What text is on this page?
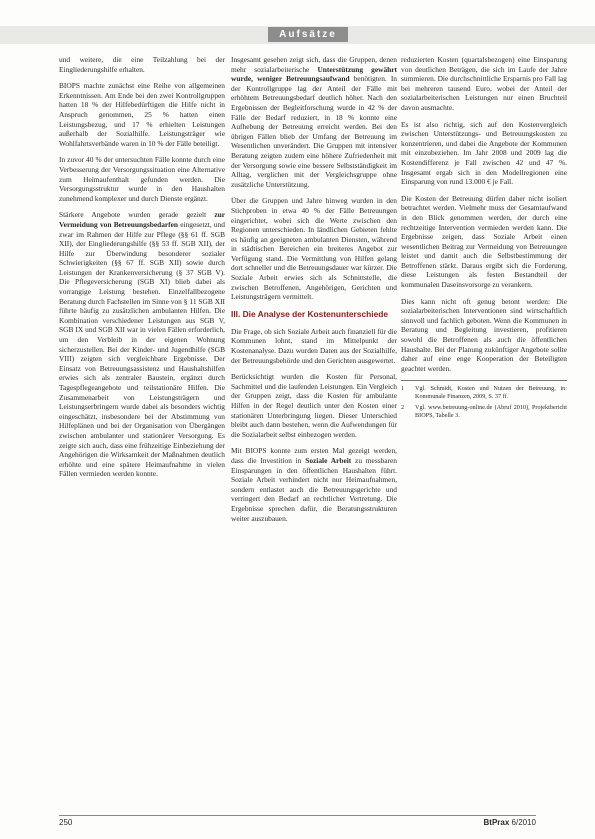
Aufsätze

und weitere, die eine Teilzahlung bei der Eingliederungshilfe erhalten.

BIOPS machte zunächst eine Reihe von allgemeinen Erkenntnissen. Am Ende bei den zwei Kontrollgruppen hatten 18 % der Hilfebedürftigen die Hilfe nicht in Anspruch genommen, 25 % hatten einen Leistungsbezug, und 17 % erhielten Leistungen außerhalb der Sozialhilfe. Leistungsträger wie Wohlfahrtsverbände waren in 10 % der Fälle beteiligt.

In zuvor 40 % der untersuchten Fälle konnte durch eine Verbesserung der Versorgungssituation eine Alternative zum Heimaufenthalt gefunden werden. Die Versorgungsstruktur wurde in den Haushalten zunehmend komplexer und durch Dienste ergänzt.

Stärkere Angebote wurden gerade gezielt zur Vermeidung von Betreuungsbedarfen eingesetzt, und zwar im Rahmen der Hilfe zur Pflege (§§ 61 ff. SGB XII), der Eingliederungshilfe (§§ 53 ff. SGB XII), der Hilfe zur Überwindung besonderer sozialer Schwierigkeiten (§§ 67 ff. SGB XII) sowie durch Leistungen der Krankenversicherung (§ 37 SGB V). Die Pflegeversicherung (SGB XI) blieb dabei als vorrangige Leistung bestehen. Einzelfallbezogene Beratung durch Fachstellen im Sinne von § 11 SGB XII führte häufig zu zusätzlichen ambulanten Hilfen. Die Kombination verschiedener Leistungen aus SGB V, SGB IX und SGB XII war in vielen Fällen erforderlich, um den Verbleib in der eigenen Wohnung sicherzustellen. Bei der Kinder- und Jugendhilfe (SGB VIII) zeigten sich vergleichbare Ergebnisse. Der Einsatz von Betreuungsassistenz und Haushaltshilfen erwies sich als zentraler Baustein, ergänzt durch Tagespflegeangebote und teilstationäre Hilfen. Die Zusammenarbeit von Leistungsträgern und Leistungserbringern wurde dabei als besonders wichtig eingeschätzt, insbesondere bei der Abstimmung von Hilfeplänen und bei der Organisation von Übergängen zwischen ambulanter und stationärer Versorgung. Es zeigte sich auch, dass eine frühzeitige Einbeziehung der Angehörigen die Wirksamkeit der Maßnahmen deutlich erhöhte und eine spätere Heimaufnahme in vielen Fällen vermieden werden konnte.

Insgesamt gesehen zeigt sich, dass die Gruppen, denen mehr sozialarbeiterische Unterstützung gewährt wurde, weniger Betreuungsaufwand benötigten. In der Kontrollgruppe lag der Anteil der Fälle mit erhöhtem Betreuungsbedarf deutlich höher. Nach den Ergebnissen der Begleitforschung wurde in 42 % der Fälle der Bedarf reduziert, in 18 % konnte eine Aufhebung der Betreuung erreicht werden. Bei den übrigen Fällen blieb der Umfang der Betreuung im Wesentlichen unverändert. Die Gruppen mit intensiver Beratung zeigten zudem eine höhere Zufriedenheit mit der Versorgung sowie eine bessere Selbstständigkeit im Alltag, verglichen mit der Vergleichsgruppe ohne zusätzliche Unterstützung.

Über die Gruppen und Jahre hinweg wurden in den Stichproben in etwa 40 % der Fälle Betreuungen eingerichtet, wobei sich die Werte zwischen den Regionen unterschieden. In ländlichen Gebieten fehlte es häufig an geeigneten ambulanten Diensten, während in städtischen Bereichen ein breiteres Angebot zur Verfügung stand. Die Vermittlung von Hilfen gelang dort schneller und die Betreuungsdauer war kürzer. Die Soziale Arbeit erwies sich als Schnittstelle, die zwischen Betroffenen, Angehörigen, Gerichten und Leistungsträgern vermittelt.

III. Die Analyse der Kostenunterschiede

Die Frage, ob sich Soziale Arbeit auch finanziell für die Kommunen lohnt, stand im Mittelpunkt der Kostenanalyse. Dazu wurden Daten aus der Sozialhilfe, der Betreuungsbehörde und den Gerichten ausgewertet.

Berücksichtigt wurden die Kosten für Personal, Sachmittel und die laufenden Leistungen. Ein Vergleich der Gruppen zeigt, dass die Kosten für ambulante Hilfen in der Regel deutlich unter den Kosten einer stationären Unterbringung liegen. Dieser Unterschied bleibt auch dann bestehen, wenn die Aufwendungen für die Sozialarbeit selbst einbezogen werden.

Mit BIOPS konnte zum ersten Mal gezeigt werden, dass die Investition in Soziale Arbeit zu messbaren Einsparungen in den öffentlichen Haushalten führt. Soziale Arbeit verhindert nicht nur Heimaufnahmen, sondern entlastet auch die Betreuungsgerichte und verringert den Bedarf an rechtlicher Vertretung. Die Ergebnisse sprechen dafür, die Beratungsstrukturen weiter auszubauen.

reduzierten Kosten (quartalsbezogen) eine Einsparung von deutlichen Beträgen, die sich im Laufe der Jahre summieren. Die durchschnittliche Ersparnis pro Fall lag bei mehreren tausend Euro, wobei der Anteil der sozialarbeiterischen Leistungen nur einen Bruchteil davon ausmachte.

Es ist also richtig, sich auf den Kostenvergleich zwischen Unterstützungs- und Betreuungskosten zu konzentrieren, und dabei die Angebote der Kommunen mit einzubeziehen. Im Jahr 2008 und 2009 lag die Kostendifferenz je Fall zwischen 42 und 47 %. Insgesamt ergab sich in den Modellregionen eine Einsparung von rund 13.000 € je Fall.

Die Kosten der Betreuung dürfen daher nicht isoliert betrachtet werden. Vielmehr muss der Gesamtaufwand in den Blick genommen werden, der durch eine rechtzeitige Intervention vermieden werden kann. Die Ergebnisse zeigen, dass Soziale Arbeit einen wesentlichen Beitrag zur Vermeidung von Betreuungen leistet und damit auch die Selbstbestimmung der Betroffenen stärkt. Daraus ergibt sich die Forderung, diese Leistungen als festen Bestandteil der kommunalen Daseinsvorsorge zu verankern.

Dies kann nicht oft genug betont werden: Die sozialarbeiterischen Interventionen sind wirtschaftlich sinnvoll und fachlich geboten. Wenn die Kommunen in Beratung und Begleitung investieren, profitieren sowohl die Betroffenen als auch die öffentlichen Haushalte. Bei der Planung zukünftiger Angebote sollte daher auf eine enge Kooperation der Beteiligten geachtet werden.

1	Vgl. Schmidt, Kosten und Nutzen der Betreuung, in: Kommunale Finanzen, 2009, S. 37 ff.
2	Vgl. www.betreuung-online.de (Abruf 2010), Projektbericht BIOPS, Tabelle 3.
250	BtPrax 6/2010
